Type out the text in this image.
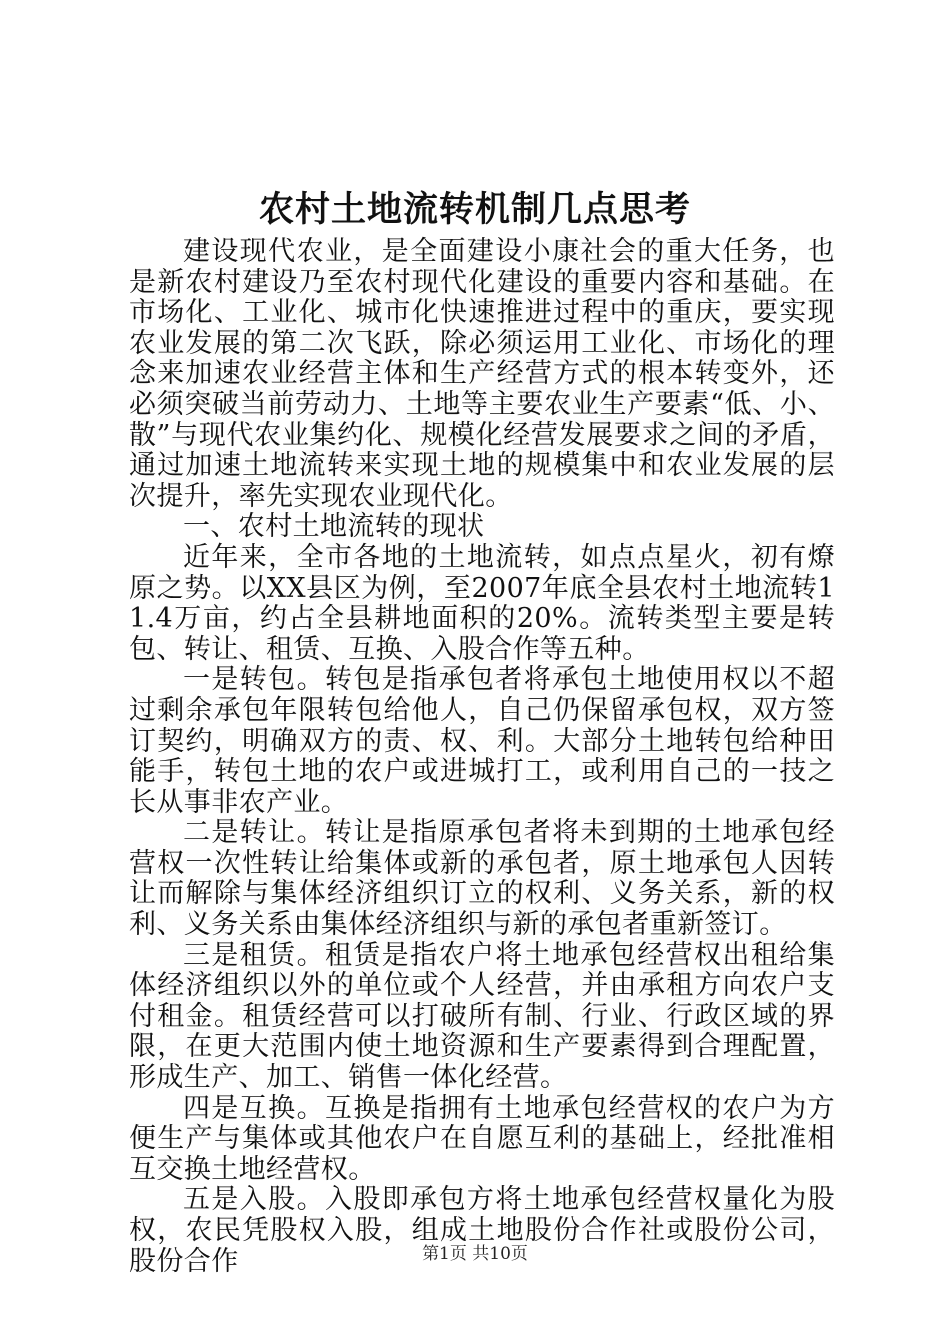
农村土地流转机制几点思考

建设现代农业，是全面建设小康社会的重大任务，也是新农村建设乃至农村现代化建设的重要内容和基础。在市场化、工业化、城市化快速推进过程中的重庆，要实现农业发展的第二次飞跃，除必须运用工业化、市场化的理念来加速农业经营主体和生产经营方式的根本转变外，还必须突破当前劳动力、土地等主要农业生产要素“低、小、散”与现代农业集约化、规模化经营发展要求之间的矛盾，通过加速土地流转来实现土地的规模集中和农业发展的层次提升，率先实现农业现代化。

一、农村土地流转的现状

近年来，全市各地的土地流转，如点点星火，初有燎原之势。以XX县区为例，至2007年底全县农村土地流转11.4万亩，约占全县耕地面积的20%。流转类型主要是转包、转让、租赁、互换、入股合作等五种。

一是转包。转包是指承包者将承包土地使用权以不超过剩余承包年限转包给他人，自己仍保留承包权，双方签订契约，明确双方的责、权、利。大部分土地转包给种田能手，转包土地的农户或进城打工，或利用自己的一技之长从事非农产业。

二是转让。转让是指原承包者将未到期的土地承包经营权一次性转让给集体或新的承包者，原土地承包人因转让而解除与集体经济组织订立的权利、义务关系，新的权利、义务关系由集体经济组织与新的承包者重新签订。

三是租赁。租赁是指农户将土地承包经营权出租给集体经济组织以外的单位或个人经营，并由承租方向农户支付租金。租赁经营可以打破所有制、行业、行政区域的界限，在更大范围内使土地资源和生产要素得到合理配置，形成生产、加工、销售一体化经营。

四是互换。互换是指拥有土地承包经营权的农户为方便生产与集体或其他农户在自愿互利的基础上，经批准相互交换土地经营权。

五是入股。入股即承包方将土地承包经营权量化为股权，农民凭股权入股，组成土地股份合作社或股份公司，股份合作	第1页 共10页
